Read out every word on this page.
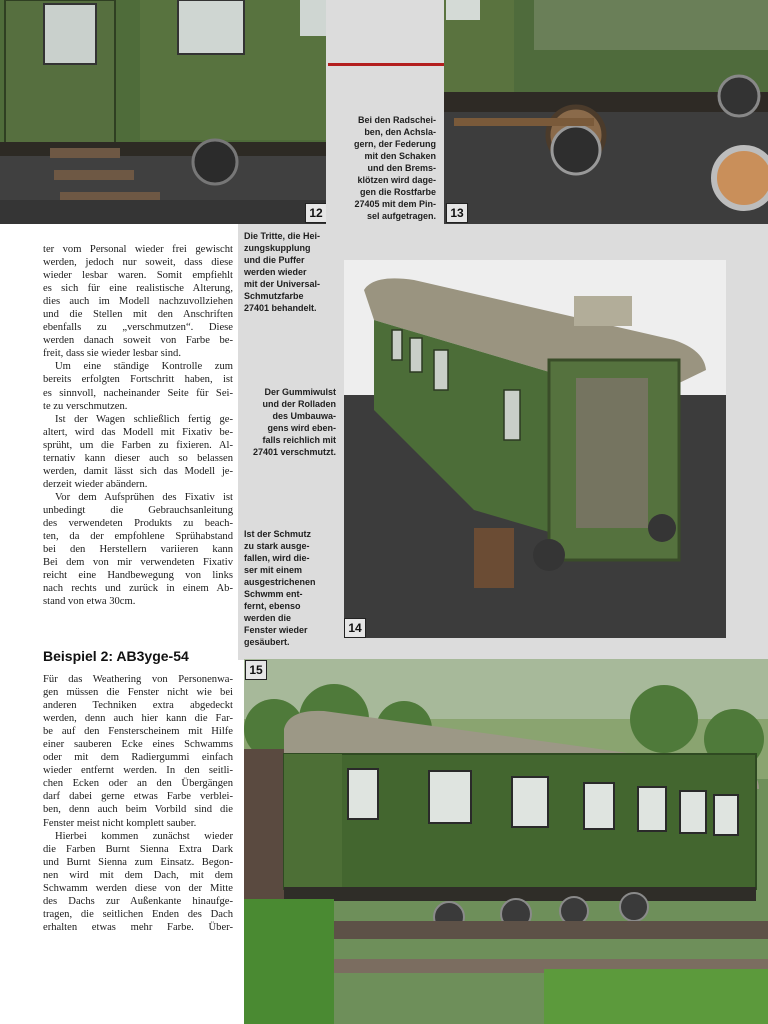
12	13
Bei den Radschei-
ben, den Achsla-
gern, der Federung
mit den Schaken
und den Brems-
klötzen wird dage-
gen die Rostfarbe
27405 mit dem Pin-
sel aufgetragen.
Die Tritte, die Hei-
zungskupplung
und die Puffer
werden wieder
mit der Universal-
Schmutzfarbe
27401 behandelt.
Der Gummiwulst
und der Rolladen
des Umbauwa-
gens wird eben-
falls reichlich mit
27401 verschmutzt.
Ist der Schmutz
zu stark ausge-
fallen, wird die-
ser mit einem
ausgestrichenen
Schwmm ent-
fernt, ebenso
werden die
Fenster wieder
gesäubert.
14
15
ter vom Personal wieder frei gewischt
werden, jedoch nur soweit, dass diese
wieder lesbar waren. Somit empfiehlt
es sich für eine realistische Alterung,
dies auch im Modell nachzuvollziehen
und die Stellen mit den Anschriften
ebenfalls zu „verschmutzen“. Diese
werden danach soweit von Farbe be-
freit, dass sie wieder lesbar sind.
Um eine ständige Kontrolle zum
bereits erfolgten Fortschritt haben, ist
es sinnvoll, nacheinander Seite für Sei-
te zu verschmutzen.
Ist der Wagen schließlich fertig ge-
altert, wird das Modell mit Fixativ be-
sprüht, um die Farben zu fixieren. Al-
ternativ kann dieser auch so belassen
werden, damit lässt sich das Modell je-
derzeit wieder abändern.
Vor dem Aufsprühen des Fixativ ist
unbedingt die Gebrauchsanleitung
des verwendeten Produkts zu beach-
ten, da der empfohlene Sprühabstand
bei den Herstellern variieren kann
Bei dem von mir verwendeten Fixativ
reicht eine Handbewegung von links
nach rechts und zurück in einem Ab-
stand von etwa 30cm.
Beispiel 2: AB3yge-54
Für das Weathering von Personenwa-
gen müssen die Fenster nicht wie bei
anderen Techniken extra abgedeckt
werden, denn auch hier kann die Far-
be auf den Fensterscheinem mit Hilfe
einer sauberen Ecke eines Schwamms
oder mit dem Radiergummi einfach
wieder entfernt werden. In den seitli-
chen Ecken oder an den Übergängen
darf dabei gerne etwas Farbe verblei-
ben, denn auch beim Vorbild sind die
Fenster meist nicht komplett sauber.
Hierbei kommen zunächst wieder
die Farben Burnt Sienna Extra Dark
und Burnt Sienna zum Einsatz. Begon-
nen wird mit dem Dach, mit dem
Schwamm werden diese von der Mitte
des Dachs zur Außenkante hinaufge-
tragen, die seitlichen Enden des Dach
erhalten etwas mehr Farbe. Über-
